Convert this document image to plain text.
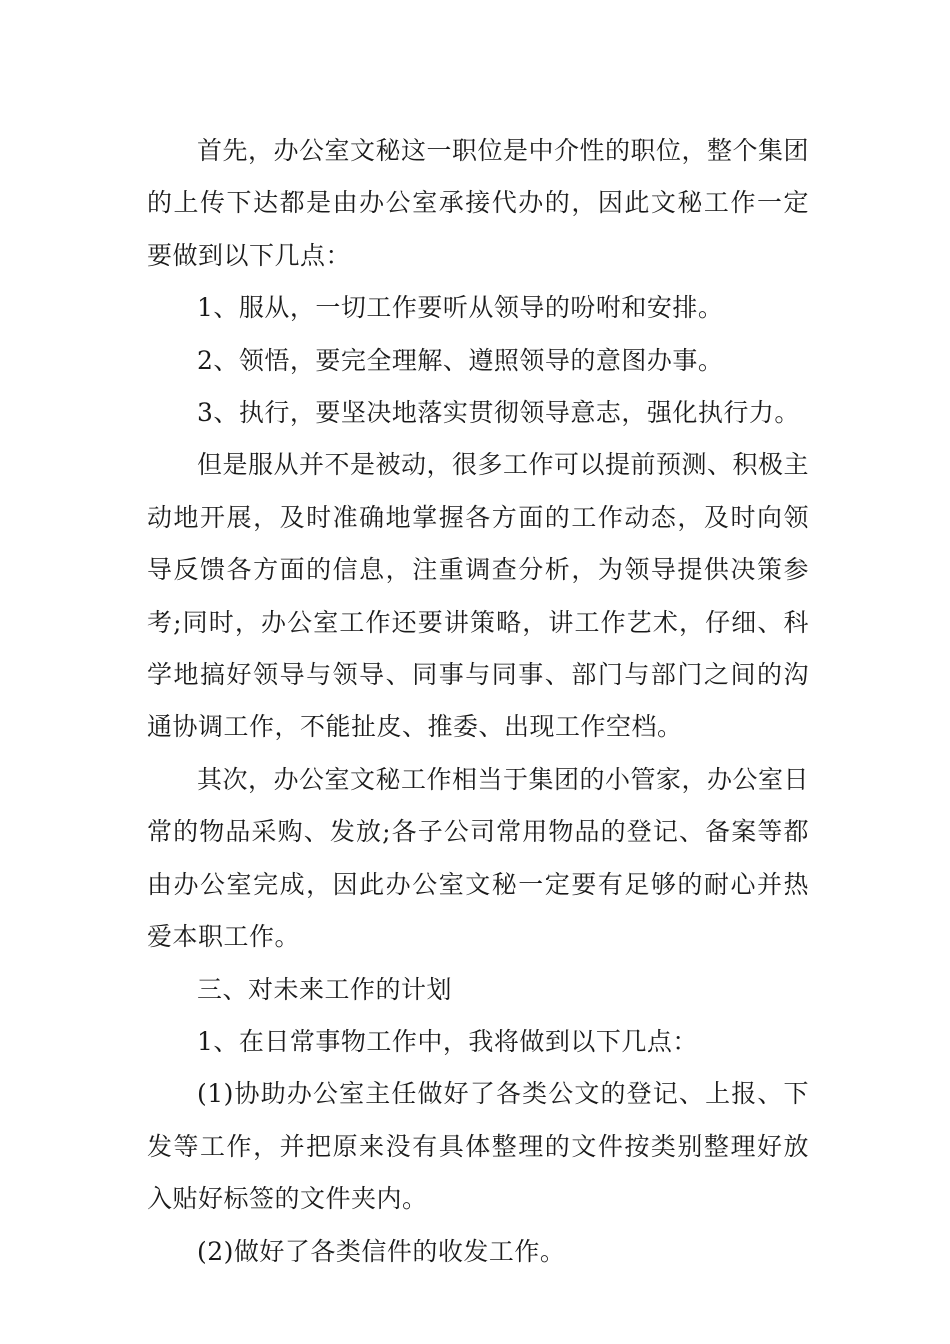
首先，办公室文秘这一职位是中介性的职位，整个集团的上传下达都是由办公室承接代办的，因此文秘工作一定要做到以下几点：

1、服从，一切工作要听从领导的吩咐和安排。

2、领悟，要完全理解、遵照领导的意图办事。

3、执行，要坚决地落实贯彻领导意志，强化执行力。

但是服从并不是被动，很多工作可以提前预测、积极主动地开展，及时准确地掌握各方面的工作动态，及时向领导反馈各方面的信息，注重调查分析，为领导提供决策参考;同时，办公室工作还要讲策略，讲工作艺术，仔细、科学地搞好领导与领导、同事与同事、部门与部门之间的沟通协调工作，不能扯皮、推委、出现工作空档。

其次，办公室文秘工作相当于集团的小管家，办公室日常的物品采购、发放;各子公司常用物品的登记、备案等都由办公室完成，因此办公室文秘一定要有足够的耐心并热爱本职工作。

三、对未来工作的计划

1、在日常事物工作中，我将做到以下几点：

(1)协助办公室主任做好了各类公文的登记、上报、下发等工作，并把原来没有具体整理的文件按类别整理好放入贴好标签的文件夹内。

(2)做好了各类信件的收发工作。
